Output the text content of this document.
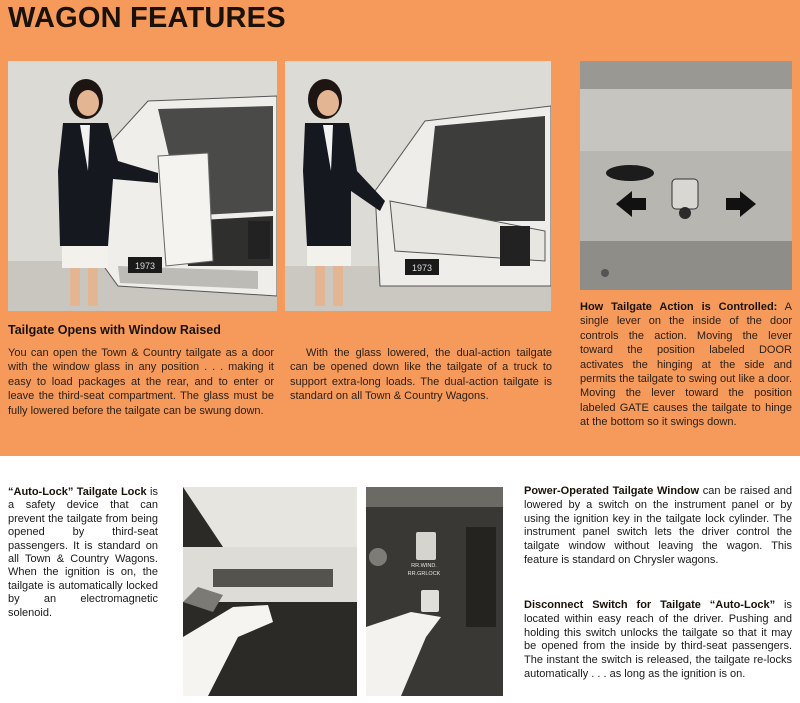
WAGON FEATURES
1973	1973
Tailgate Opens with Window Raised

You can open the Town & Country tailgate as a door with the window glass in any position . . . making it easy to load packages at the rear, and to enter or leave the third-seat compartment. The glass must be fully lowered before the tailgate can be swung down.

With the glass lowered, the dual-action tailgate can be opened down like the tailgate of a truck to support extra-long loads. The dual-action tailgate is standard on all Town & Country Wagons.

How Tailgate Action is Controlled: A single lever on the inside of the door controls the action. Moving the lever toward the position labeled DOOR activates the hinging at the side and permits the tailgate to swing out like a door. Moving the lever toward the position labeled GATE causes the tailgate to hinge at the bottom so it swings down.

“Auto-Lock” Tailgate Lock is a safety device that can prevent the tailgate from being opened by third-seat passengers. It is standard on all Town & Country Wagons. When the ignition is on, the tailgate is automatically locked by an electromagnetic solenoid.

RR.WIND.
RR.GRLOCK

Power-Operated Tailgate Window can be raised and lowered by a switch on the instrument panel or by using the ignition key in the tailgate lock cylinder. The instrument panel switch lets the driver control the tailgate window without leaving the wagon. This feature is standard on Chrysler wagons.

Disconnect Switch for Tailgate “Auto-Lock” is located within easy reach of the driver. Pushing and holding this switch unlocks the tailgate so that it may be opened from the inside by third-seat passengers. The instant the switch is released, the tailgate re-locks automatically . . . as long as the ignition is on.
